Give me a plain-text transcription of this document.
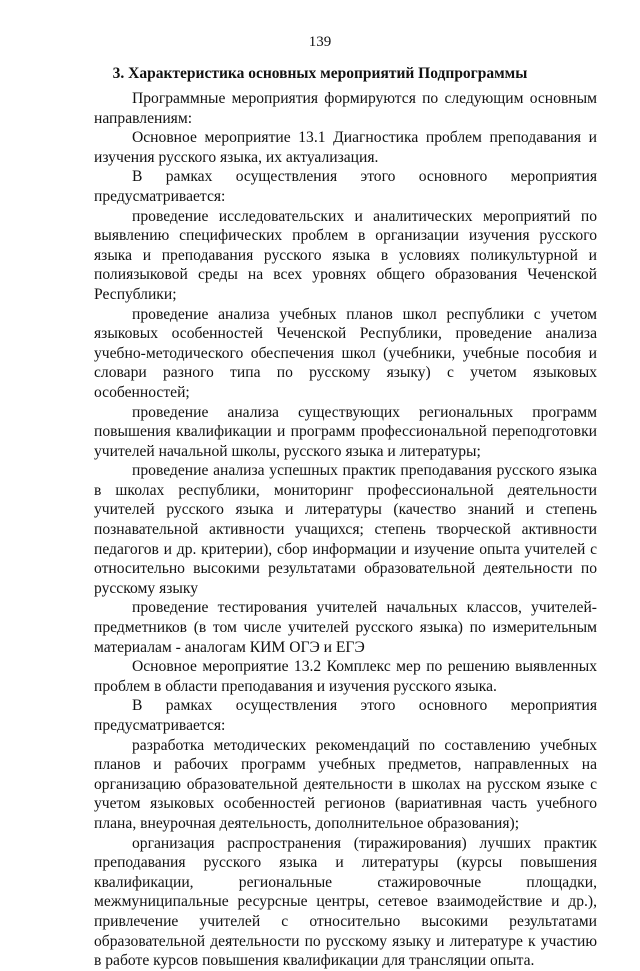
139
3. Характеристика основных мероприятий Подпрограммы

Программные мероприятия формируются по следующим основным направлениям:

Основное мероприятие 13.1 Диагностика проблем преподавания и изучения русского языка, их актуализация.

В рамках осуществления этого основного мероприятия предусматривается:

проведение исследовательских и аналитических мероприятий по выявлению специфических проблем в организации изучения русского языка и преподавания русского языка в условиях поликультурной и полиязыковой среды на всех уровнях общего образования Чеченской Республики;

проведение анализа учебных планов школ республики с учетом языковых особенностей Чеченской Республики, проведение анализа учебно-методического обеспечения школ (учебники, учебные пособия и словари разного типа по русскому языку) с учетом языковых особенностей;

проведение анализа существующих региональных программ повышения квалификации и программ профессиональной переподготовки учителей начальной школы, русского языка и литературы;

проведение анализа успешных практик преподавания русского языка в школах республики, мониторинг профессиональной деятельности учителей русского языка и литературы (качество знаний и степень познавательной активности учащихся; степень творческой активности педагогов и др. критерии), сбор информации и изучение опыта учителей с относительно высокими результатами образовательной деятельности по русскому языку

проведение тестирования учителей начальных классов, учителей-предметников (в том числе учителей русского языка) по измерительным материалам - аналогам КИМ ОГЭ и ЕГЭ

Основное мероприятие 13.2 Комплекс мер по решению выявленных проблем в области преподавания и изучения русского языка.

В рамках осуществления этого основного мероприятия предусматривается:

разработка методических рекомендаций по составлению учебных планов и рабочих программ учебных предметов, направленных на организацию образовательной деятельности в школах на русском языке с учетом языковых особенностей регионов (вариативная часть учебного плана, внеурочная деятельность, дополнительное образования);

организация распространения (тиражирования) лучших практик преподавания русского языка и литературы (курсы повышения квалификации, региональные стажировочные площадки, межмуниципальные ресурсные центры, сетевое взаимодействие и др.), привлечение учителей с относительно высокими результатами образовательной деятельности по русскому языку и литературе к участию в работе курсов повышения квалификации для трансляции опыта.
